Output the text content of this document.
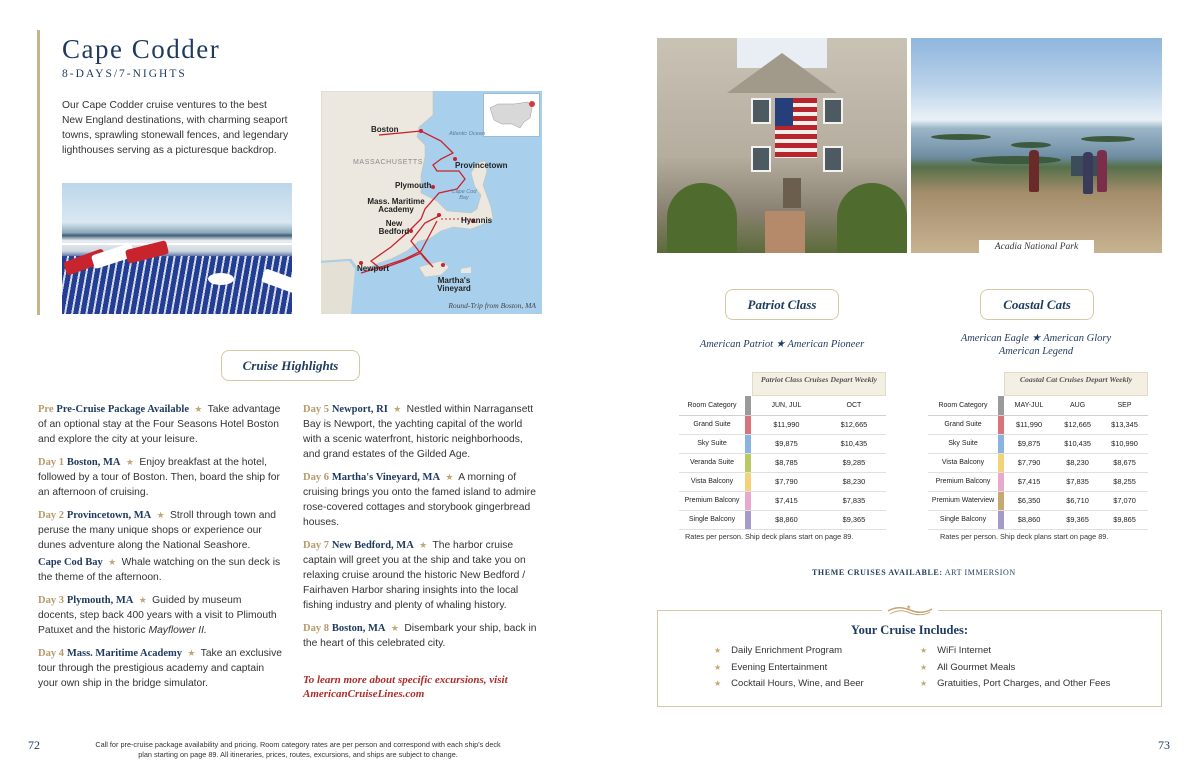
Cape Codder
8-DAYS/7-NIGHTS
Our Cape Codder cruise ventures to the best New England destinations, with charming seaport towns, sprawling stonewall fences, and legendary lighthouses serving as a picturesque backdrop.
MASSACHUSETTS
Atlantic Ocean
Cape Cod Bay
Boston
Provincetown
Plymouth
Mass. Maritime Academy
Hyannis
New Bedford
Newport
Martha's Vineyard
Round-Trip from Boston, MA
Cruise Highlights
Pre Pre-Cruise Package Available  ★  Take advantage of an optional stay at the Four Seasons Hotel Boston and explore the city at your leisure.
Day 1 Boston, MA  ★  Enjoy breakfast at the hotel, followed by a tour of Boston. Then, board the ship for an afternoon of cruising.
Day 2 Provincetown, MA  ★  Stroll through town and peruse the many unique shops or experience our dunes adventure along the National Seashore.
Cape Cod Bay  ★  Whale watching on the sun deck is the theme of the afternoon.
Day 3 Plymouth, MA  ★  Guided by museum docents, step back 400 years with a visit to Plimouth Patuxet and the historic Mayflower II.
Day 4 Mass. Maritime Academy  ★  Take an exclusive tour through the prestigious academy and captain your own ship in the bridge simulator.
Day 5 Newport, RI  ★  Nestled within Narragansett Bay is Newport, the yachting capital of the world with a scenic waterfront, historic neighborhoods, and grand estates of the Gilded Age.
Day 6 Martha's Vineyard, MA  ★  A morning of cruising brings you onto the famed island to admire rose-covered cottages and storybook gingerbread houses.
Day 7 New Bedford, MA  ★  The harbor cruise captain will greet you at the ship and take you on relaxing cruise around the historic New Bedford / Fairhaven Harbor sharing insights into the local fishing industry and plenty of whaling history.
Day 8 Boston, MA  ★  Disembark your ship, back in the heart of this celebrated city.
To learn more about specific excursions, visit AmericanCruiseLines.com
72	Call for pre-cruise package availability and pricing. Room category rates are per person and correspond with each ship's deck plan starting on page 89. All itineraries, prices, routes, excursions, and ships are subject to change.
Acadia National Park
Patriot Class	Coastal Cats
American Patriot ★ American Pioneer
American Eagle ★ American Glory
American Legend
Patriot Class Cruises Depart Weekly
Room Category		JUN, JUL	OCT
Grand Suite		$11,990	$12,665
Sky Suite		$9,875	$10,435
Veranda Suite		$8,785	$9,285
Vista Balcony		$7,790	$8,230
Premium Balcony		$7,415	$7,835
Single Balcony		$8,860	$9,365
Rates per person. Ship deck plans start on page 89.
Coastal Cat Cruises Depart Weekly
Room Category		MAY-JUL	AUG	SEP
Grand Suite		$11,990	$12,665	$13,345
Sky Suite		$9,875	$10,435	$10,990
Vista Balcony		$7,790	$8,230	$8,675
Premium Balcony		$7,415	$7,835	$8,255
Premium Waterview		$6,350	$6,710	$7,070
Single Balcony		$8,860	$9,365	$9,865
Rates per person. Ship deck plans start on page 89.
THEME CRUISES AVAILABLE: ART IMMERSION
★
Your Cruise Includes:
★ Daily Enrichment Program
★ Evening Entertainment
★ Cocktail Hours, Wine, and Beer
★ WiFi Internet
★ All Gourmet Meals
★ Gratuities, Port Charges, and Other Fees
73
